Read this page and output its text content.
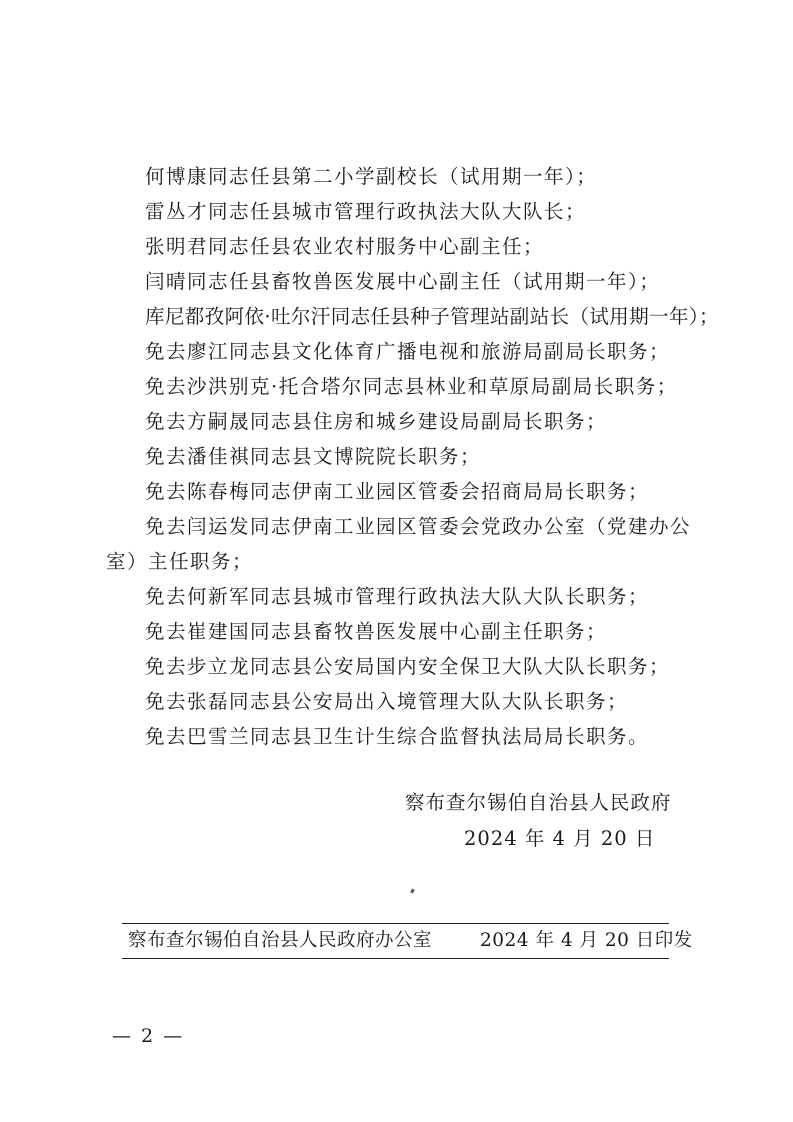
何博康同志任县第二小学副校长（试用期一年）；
雷丛才同志任县城市管理行政执法大队大队长；
张明君同志任县农业农村服务中心副主任；
闫晴同志任县畜牧兽医发展中心副主任（试用期一年）；
库尼都孜阿依·吐尔汗同志任县种子管理站副站长（试用期一年）；
免去廖江同志县文化体育广播电视和旅游局副局长职务；
免去沙洪别克·托合塔尔同志县林业和草原局副局长职务；
免去方嗣晟同志县住房和城乡建设局副局长职务；
免去潘佳祺同志县文博院院长职务；
免去陈春梅同志伊南工业园区管委会招商局局长职务；
免去闫运发同志伊南工业园区管委会党政办公室（党建办公
室）主任职务；
免去何新军同志县城市管理行政执法大队大队长职务；
免去崔建国同志县畜牧兽医发展中心副主任职务；
免去步立龙同志县公安局国内安全保卫大队大队长职务；
免去张磊同志县公安局出入境管理大队大队长职务；
免去巴雪兰同志县卫生计生综合监督执法局局长职务。
察布查尔锡伯自治县人民政府
2024 年 4 月 20 日
察布查尔锡伯自治县人民政府办公室	2024 年 4 月 20 日印发
— 2 —
